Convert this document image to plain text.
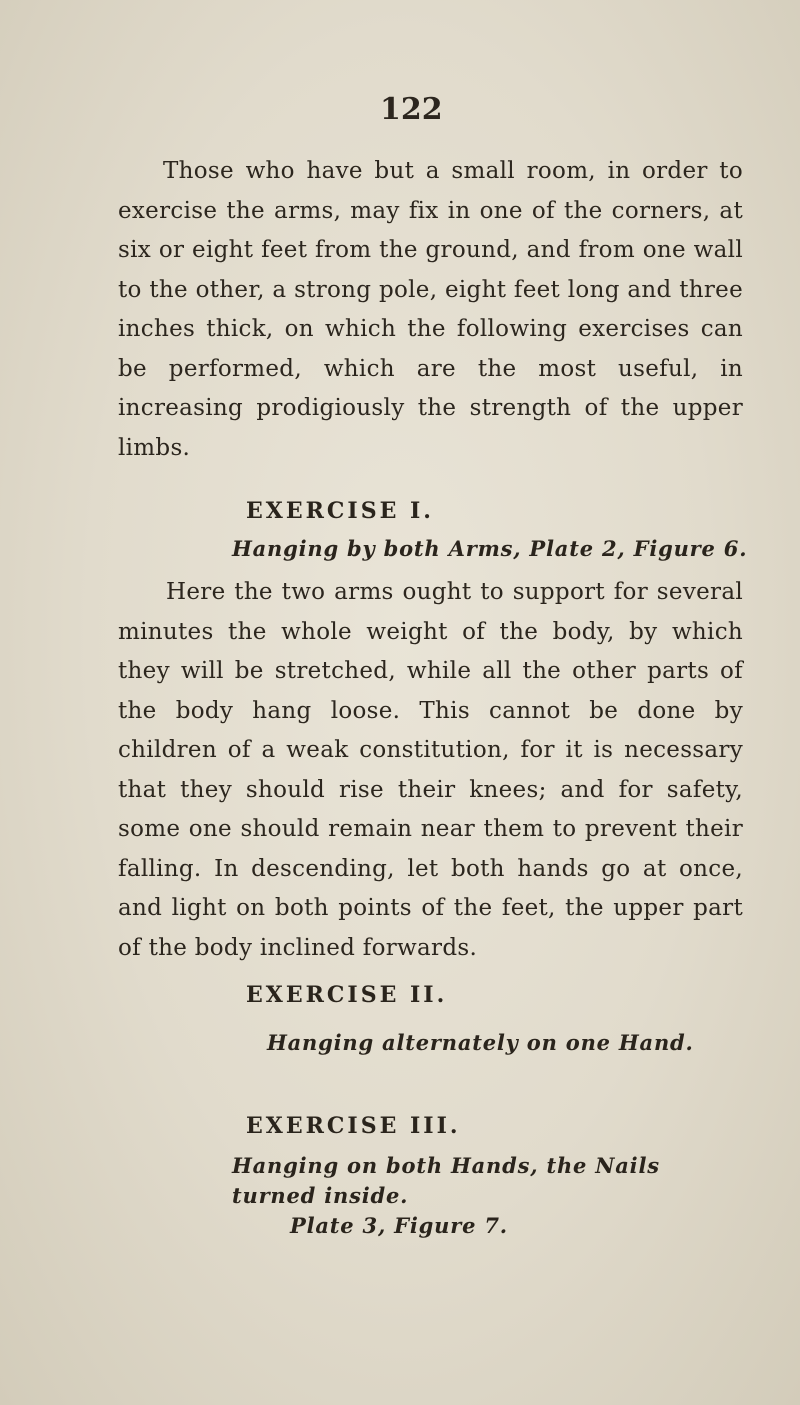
122

Those who have but a small room, in order to exercise the arms, may fix in one of the corners, at six or eight feet from the ground, and from one wall to the other, a strong pole, eight feet long and three inches thick, on which the following exercises can be performed, which are the most useful, in increasing prodigiously the strength of the upper limbs.

EXERCISE I.
Hanging by both Arms, Plate 2, Figure 6.

Here the two arms ought to support for several minutes the whole weight of the body, by which they will be stretched, while all the other parts of the body hang loose. This cannot be done by children of a weak constitution, for it is necessary that they should rise their knees; and for safety, some one should remain near them to prevent their falling. In descending, let both hands go at once, and light on both points of the feet, the upper part of the body inclined forwards.

EXERCISE II.
Hanging alternately on one Hand.
EXERCISE III.
Hanging on both Hands, the Nails turned inside.
Plate 3, Figure 7.
